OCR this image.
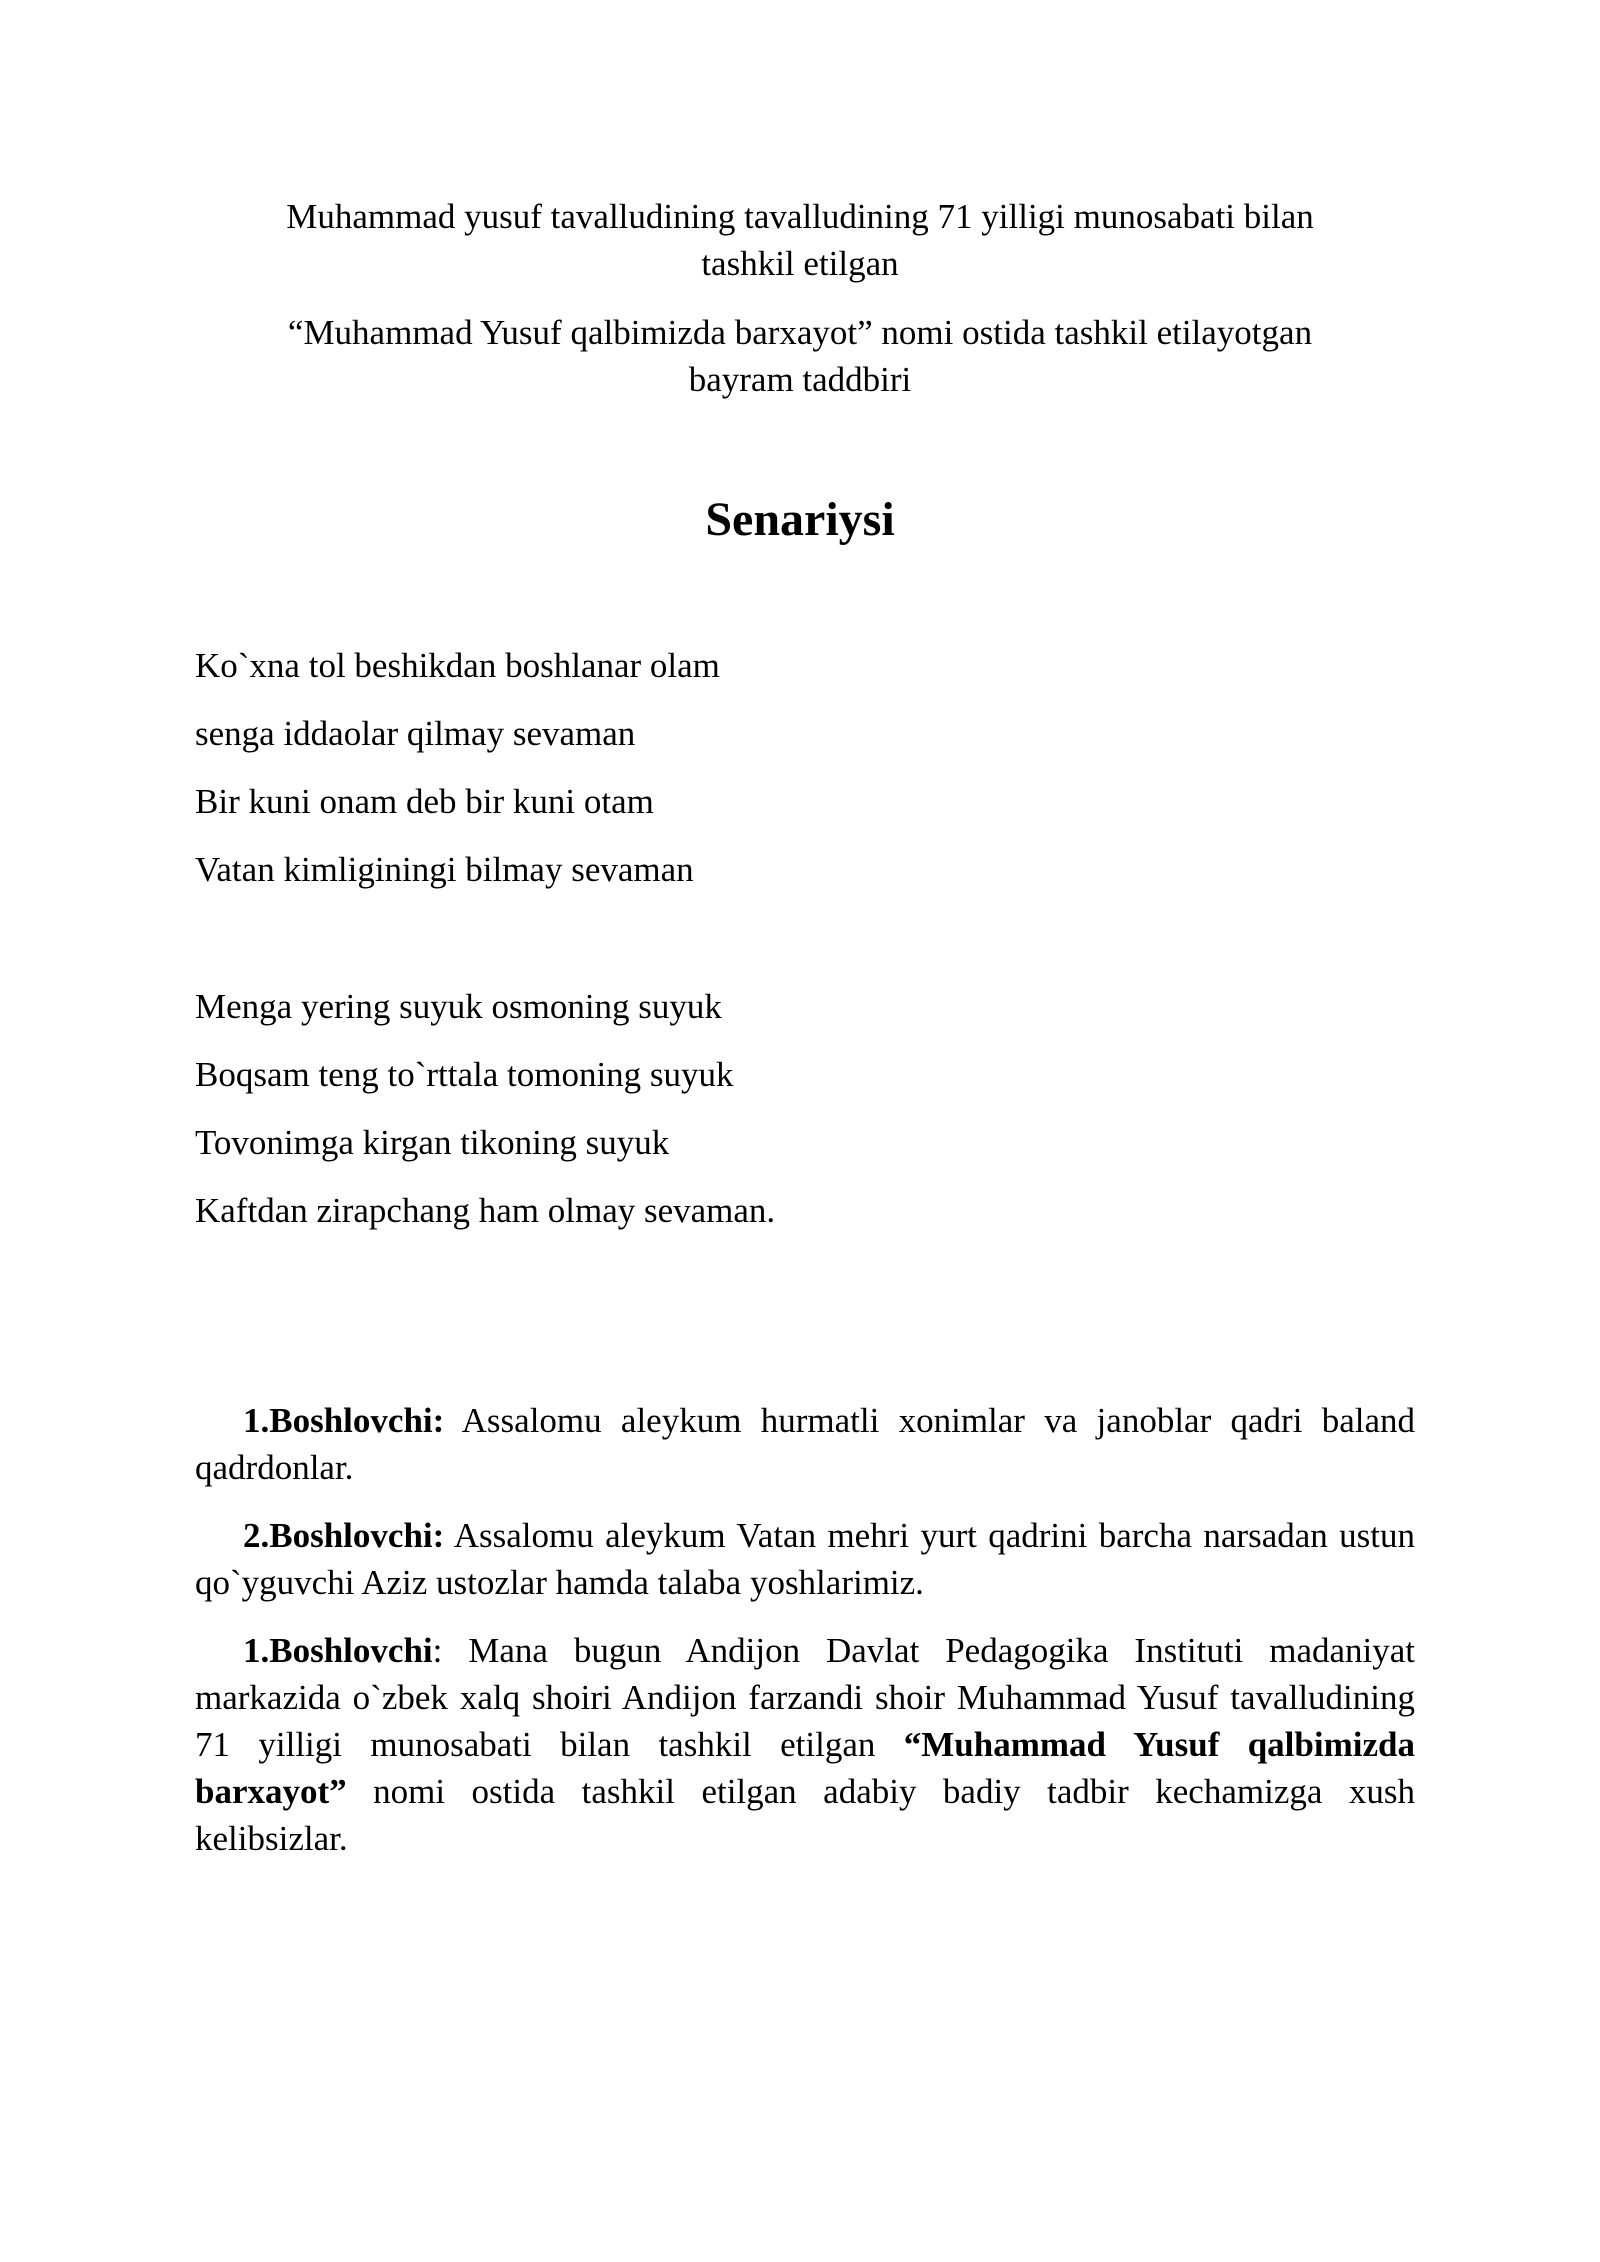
Muhammad yusuf tavalludining tavalludining 71 yilligi munosabati bilan tashkil etilgan
“Muhammad Yusuf qalbimizda barxayot” nomi ostida tashkil etilayotgan bayram taddbiri
Senariysi
Ko`xna tol beshikdan boshlanar olam
senga iddaolar qilmay sevaman
Bir kuni onam deb bir kuni otam
Vatan kimliginingi bilmay sevaman
Menga yering suyuk osmoning suyuk
Boqsam teng to`rttala tomoning suyuk
Tovonimga kirgan tikoning suyuk
Kaftdan zirapchang ham olmay sevaman.
1.Boshlovchi: Assalomu aleykum hurmatli xonimlar va janoblar qadri baland qadrdonlar.
2.Boshlovchi: Assalomu aleykum Vatan mehri yurt qadrini barcha narsadan ustun qo`yguvchi Aziz ustozlar hamda talaba yoshlarimiz.
1.Boshlovchi: Mana bugun Andijon Davlat Pedagogika Instituti madaniyat markazida o`zbek xalq shoiri Andijon farzandi shoir Muhammad Yusuf tavalludining 71 yilligi munosabati bilan tashkil etilgan “Muhammad Yusuf qalbimizda barxayot” nomi ostida tashkil etilgan adabiy badiy tadbir kechamizga xush kelibsizlar.
